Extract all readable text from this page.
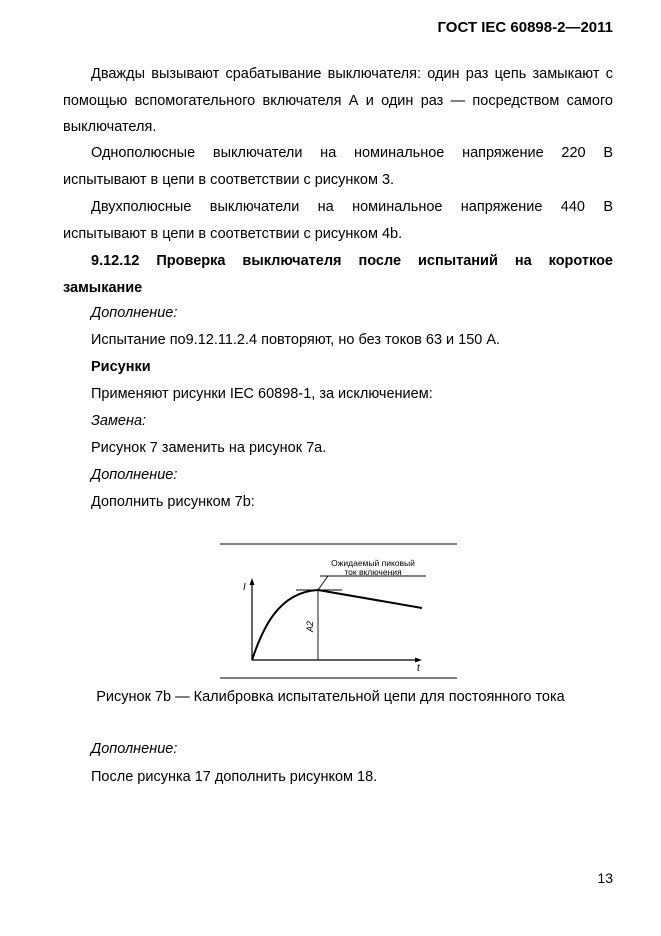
ГОСТ IEC 60898-2—2011
Дважды вызывают срабатывание выключателя: один раз цепь замыкают с помощью вспомогательного включателя А и один раз — посредством самого выключателя.
Однополюсные выключатели на номинальное напряжение 220 В испытывают в цепи в соответствии с рисунком 3.
Двухполюсные выключатели на номинальное напряжение 440 В испытывают в цепи в соответствии с рисунком 4b.
9.12.12 Проверка выключателя после испытаний на короткое замыкание
Дополнение:
Испытание по9.12.11.2.4 повторяют, но без токов 63 и 150 А.
Рисунки
Применяют рисунки IEC 60898-1, за исключением:
Замена:
Рисунок 7 заменить на рисунок 7а.
Дополнение:
Дополнить рисунком 7b:
Ожидаемый пиковый
ток включения
I
t
A2
Рисунок 7b — Калибровка испытательной цепи для постоянного тока
Дополнение:
После рисунка 17 дополнить рисунком 18.
13
